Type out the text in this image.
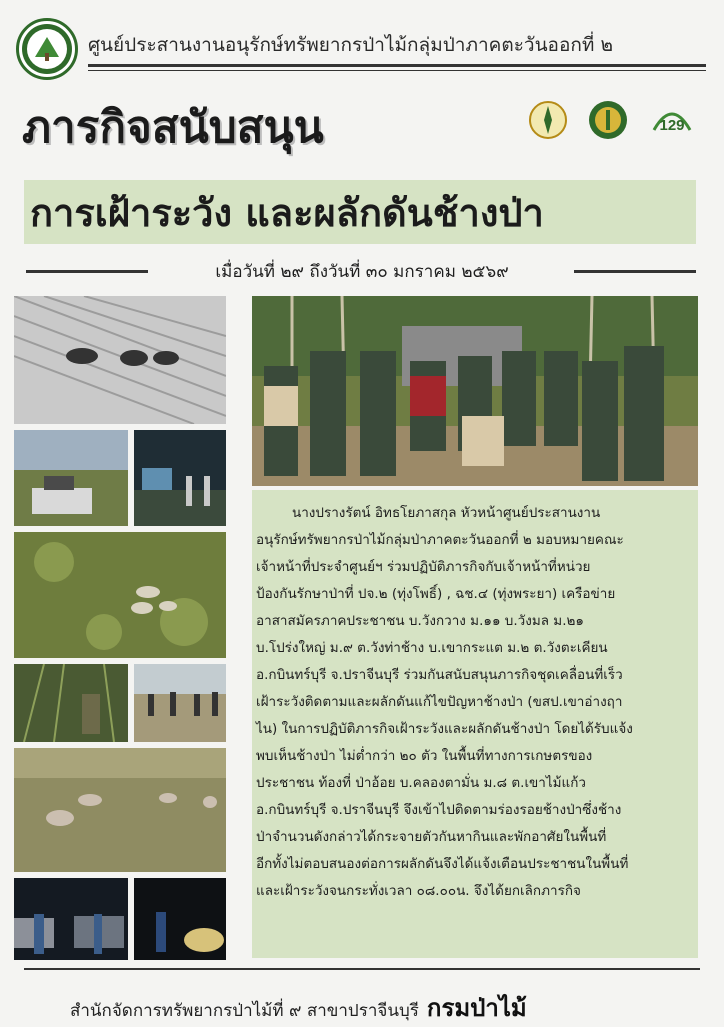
ศูนย์ประสานงานอนุรักษ์ทรัพยากรป่าไม้กลุ่มป่าภาคตะวันออกที่ ๒
ภารกิจสนับสนุน	129
การเฝ้าระวัง และผลักดันช้างป่า
เมื่อวันที่ ๒๙ ถึงวันที่ ๓๐ มกราคม ๒๕๖๙
นางปรางรัตน์ อิทธโยภาสกุล หัวหน้าศูนย์ประสานงาน
อนุรักษ์ทรัพยากรป่าไม้กลุ่มป่าภาคตะวันออกที่ ๒ มอบหมายคณะ
เจ้าหน้าที่ประจำศูนย์ฯ ร่วมปฏิบัติภารกิจกับเจ้าหน้าที่หน่วย
ป้องกันรักษาป่าที่ ปจ.๒ (ทุ่งโพธิ์) , ฉช.๔ (ทุ่งพระยา) เครือข่าย
อาสาสมัครภาคประชาชน บ.วังกวาง ม.๑๑ บ.วังมล ม.๒๑
บ.โปร่งใหญ่ ม.๙ ต.วังท่าช้าง บ.เขากระแต ม.๒ ต.วังตะเคียน
อ.กบินทร์บุรี จ.ปราจีนบุรี ร่วมกันสนับสนุนภารกิจชุดเคลื่อนที่เร็ว
เฝ้าระวังติดตามและผลักดันแก้ไขปัญหาช้างป่า (ขสป.เขาอ่างฤา
ไน) ในการปฏิบัติภารกิจเฝ้าระวังและผลักดันช้างป่า โดยได้รับแจ้ง
พบเห็นช้างป่า ไม่ต่ำกว่า ๒๐ ตัว ในพื้นที่ทางการเกษตรของ
ประชาชน ท้องที่ ป่าอ้อย บ.คลองตามั่น ม.๘ ต.เขาไม้แก้ว
อ.กบินทร์บุรี จ.ปราจีนบุรี จึงเข้าไปติดตามร่องรอยช้างป่าซึ่งช้าง
ป่าจำนวนดังกล่าวได้กระจายตัวกันหากินและพักอาศัยในพื้นที่
อีกทั้งไม่ตอบสนองต่อการผลักดันจึงได้แจ้งเตือนประชาชนในพื้นที่
และเฝ้าระวังจนกระทั่งเวลา ๐๘.๐๐น. จึงได้ยกเลิกภารกิจ
สำนักจัดการทรัพยากรป่าไม้ที่ ๙ สาขาปราจีนบุรี กรมป่าไม้
